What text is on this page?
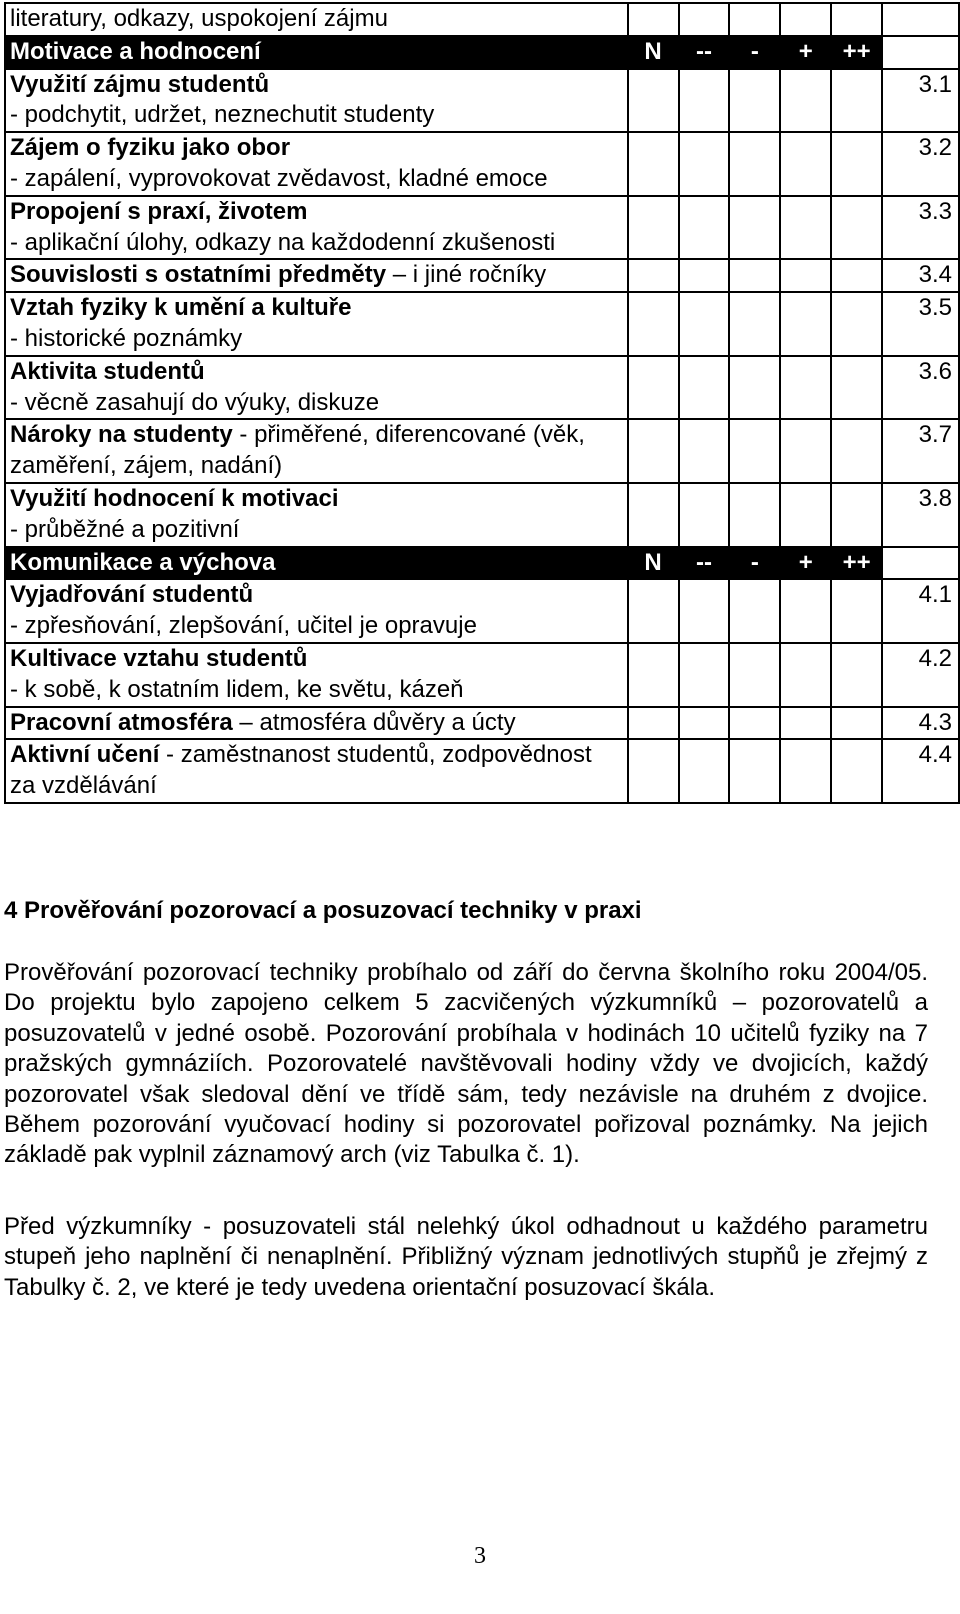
literatury, odkazy, uspokojení zájmu						
Motivace a hodnocení	N	--	-	+	++	
Využití zájmu studentů
- podchytit, udržet, neznechutit studenty						3.1
Zájem o fyziku jako obor
- zapálení, vyprovokovat zvědavost, kladné emoce						3.2
Propojení s praxí, životem
- aplikační úlohy, odkazy na každodenní zkušenosti						3.3
Souvislosti s ostatními předměty – i jiné ročníky						3.4
Vztah fyziky k umění a kultuře
- historické poznámky						3.5
Aktivita studentů
- věcně zasahují do výuky, diskuze						3.6
Nároky na studenty - přiměřené, diferencované (věk, zaměření, zájem, nadání)						3.7
Využití hodnocení k motivaci
- průběžné a pozitivní						3.8
Komunikace a výchova	N	--	-	+	++	
Vyjadřování studentů
- zpřesňování, zlepšování, učitel je opravuje						4.1
Kultivace vztahu studentů
- k sobě, k ostatním lidem, ke světu, kázeň						4.2
Pracovní atmosféra – atmosféra důvěry a úcty						4.3
Aktivní učení - zaměstnanost studentů, zodpovědnost za vzdělávání						4.4
4 Prověřování pozorovací a posuzovací techniky v praxi

Prověřování pozorovací techniky probíhalo od září do června školního roku 2004/05. Do projektu bylo zapojeno celkem 5 zacvičených výzkumníků – pozorovatelů a posuzovatelů v jedné osobě. Pozorování probíhala v hodinách 10 učitelů fyziky na 7 pražských gymnáziích. Pozorovatelé navštěvovali hodiny vždy ve dvojicích, každý pozorovatel však sledoval dění ve třídě sám, tedy nezávisle na druhém z dvojice. Během pozorování vyučovací hodiny si pozorovatel pořizoval poznámky. Na jejich základě pak vyplnil záznamový arch (viz Tabulka č. 1).

Před výzkumníky - posuzovateli stál nelehký úkol odhadnout u každého parametru stupeň jeho naplnění či nenaplnění. Přibližný význam jednotlivých stupňů je zřejmý z Tabulky č. 2, ve které je tedy uvedena orientační posuzovací škála.

3
